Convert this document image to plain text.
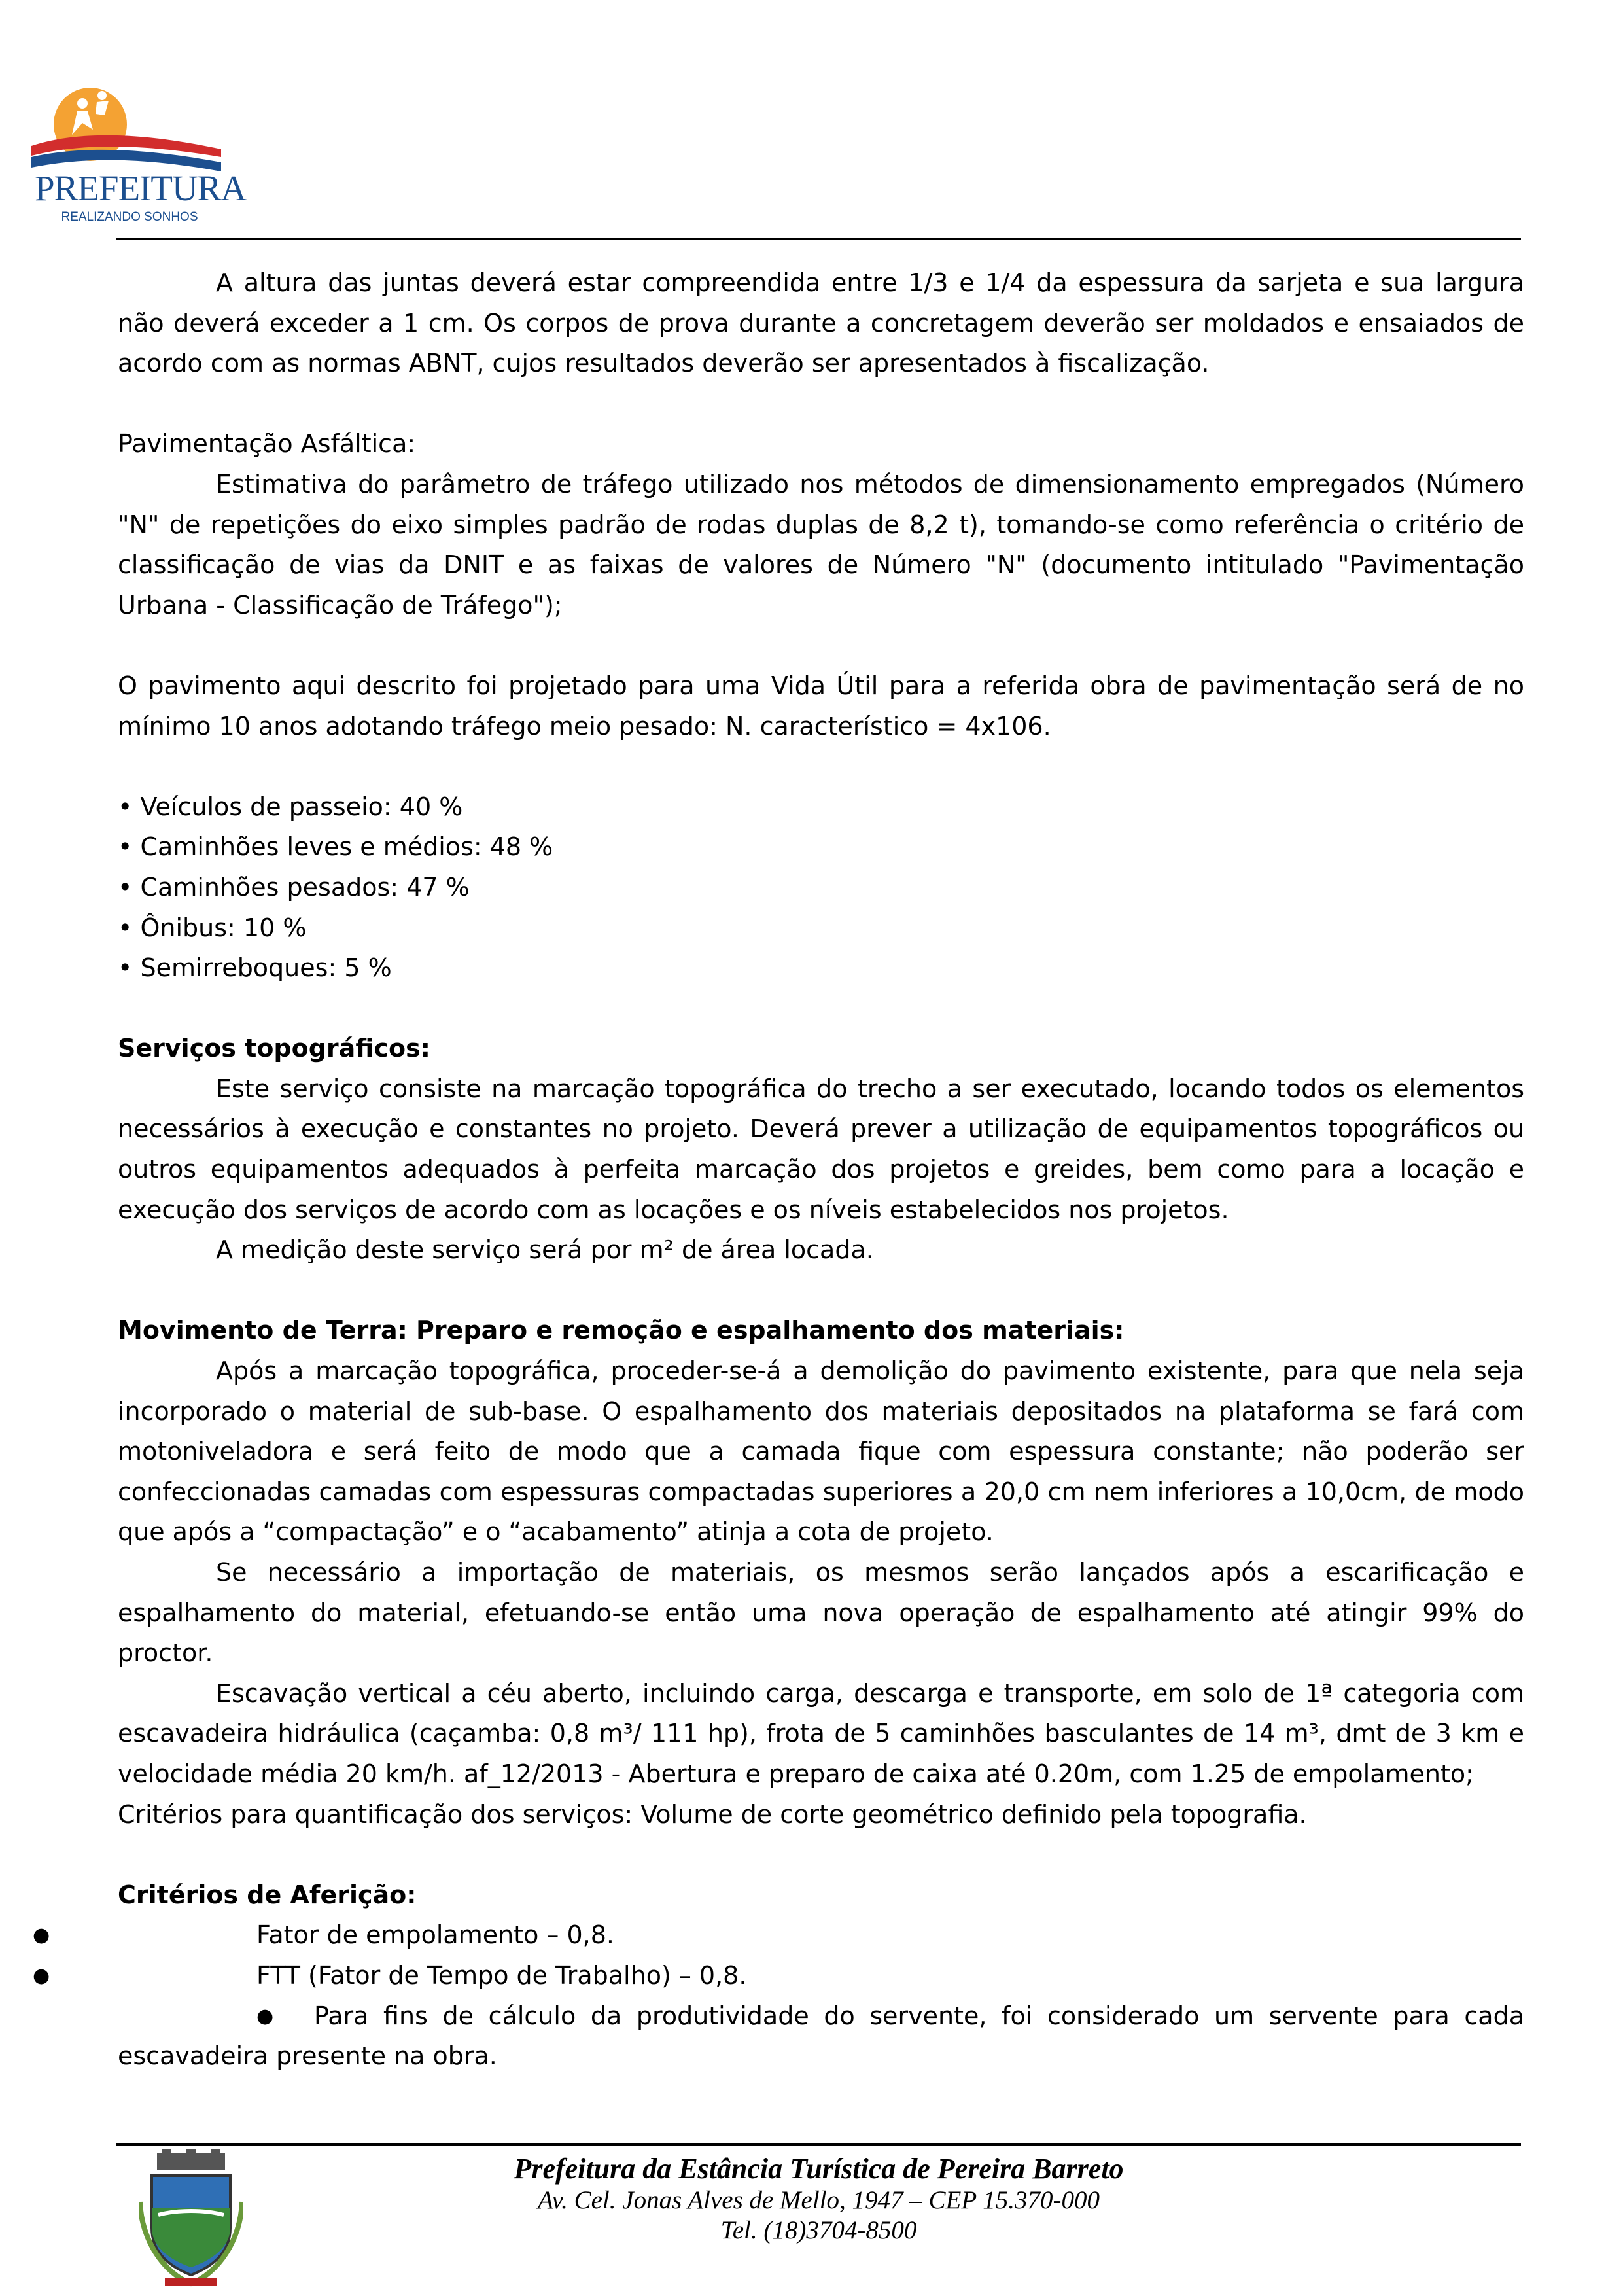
PREFEITURA
REALIZANDO SONHOS

A altura das juntas deverá estar compreendida entre 1/3 e 1/4 da espessura da sarjeta e sua largura não deverá exceder a 1 cm. Os corpos de prova durante a concretagem deverão ser moldados e ensaiados de acordo com as normas ABNT, cujos resultados deverão ser apresentados à fiscalização.

Pavimentação Asfáltica:

Estimativa do parâmetro de tráfego utilizado nos métodos de dimensionamento empregados (Número "N" de repetições do eixo simples padrão de rodas duplas de 8,2 t), tomando-se como referência o critério de classificação de vias da DNIT e as faixas de valores de Número "N" (documento intitulado "Pavimentação Urbana - Classificação de Tráfego");

O pavimento aqui descrito foi projetado para uma Vida Útil para a referida obra de pavimentação será de no mínimo 10 anos adotando tráfego meio pesado: N. característico = 4x106.

• Veículos de passeio: 40 %

• Caminhões leves e médios: 48 %

• Caminhões pesados: 47 %

• Ônibus: 10 %

• Semirreboques: 5 %

Serviços topográficos:

Este serviço consiste na marcação topográfica do trecho a ser executado, locando todos os elementos necessários à execução e constantes no projeto. Deverá prever a utilização de equipamentos topográficos ou outros equipamentos adequados à perfeita marcação dos projetos e greides, bem como para a locação e execução dos serviços de acordo com as locações e os níveis estabelecidos nos projetos.

A medição deste serviço será por m² de área locada.

Movimento de Terra: Preparo e remoção e espalhamento dos materiais:

Após a marcação topográfica, proceder-se-á a demolição do pavimento existente, para que nela seja incorporado o material de sub-base. O espalhamento dos materiais depositados na plataforma se fará com motoniveladora e será feito de modo que a camada fique com espessura constante; não poderão ser confeccionadas camadas com espessuras compactadas superiores a 20,0 cm nem inferiores a 10,0cm, de modo que após a “compactação” e o “acabamento” atinja a cota de projeto.

Se necessário a importação de materiais, os mesmos serão lançados após a escarificação e espalhamento do material, efetuando-se então uma nova operação de espalhamento até atingir 99% do proctor.

Escavação vertical a céu aberto, incluindo carga, descarga e transporte, em solo de 1ª categoria com escavadeira hidráulica (caçamba: 0,8 m³/ 111 hp), frota de 5 caminhões basculantes de 14 m³, dmt de 3 km e velocidade média 20 km/h. af_12/2013 - Abertura e preparo de caixa até 0.20m, com 1.25 de empolamento;

Critérios para quantificação dos serviços: Volume de corte geométrico definido pela topografia.

Critérios de Aferição:

●	Fator de empolamento – 0,8.
●	FTT (Fator de Tempo de Trabalho) – 0,8.

● Para fins de cálculo da produtividade do servente, foi considerado um servente para cada escavadeira presente na obra.

Prefeitura da Estância Turística de Pereira Barreto
Av. Cel. Jonas Alves de Mello, 1947 – CEP 15.370-000
Tel. (18)3704-8500
